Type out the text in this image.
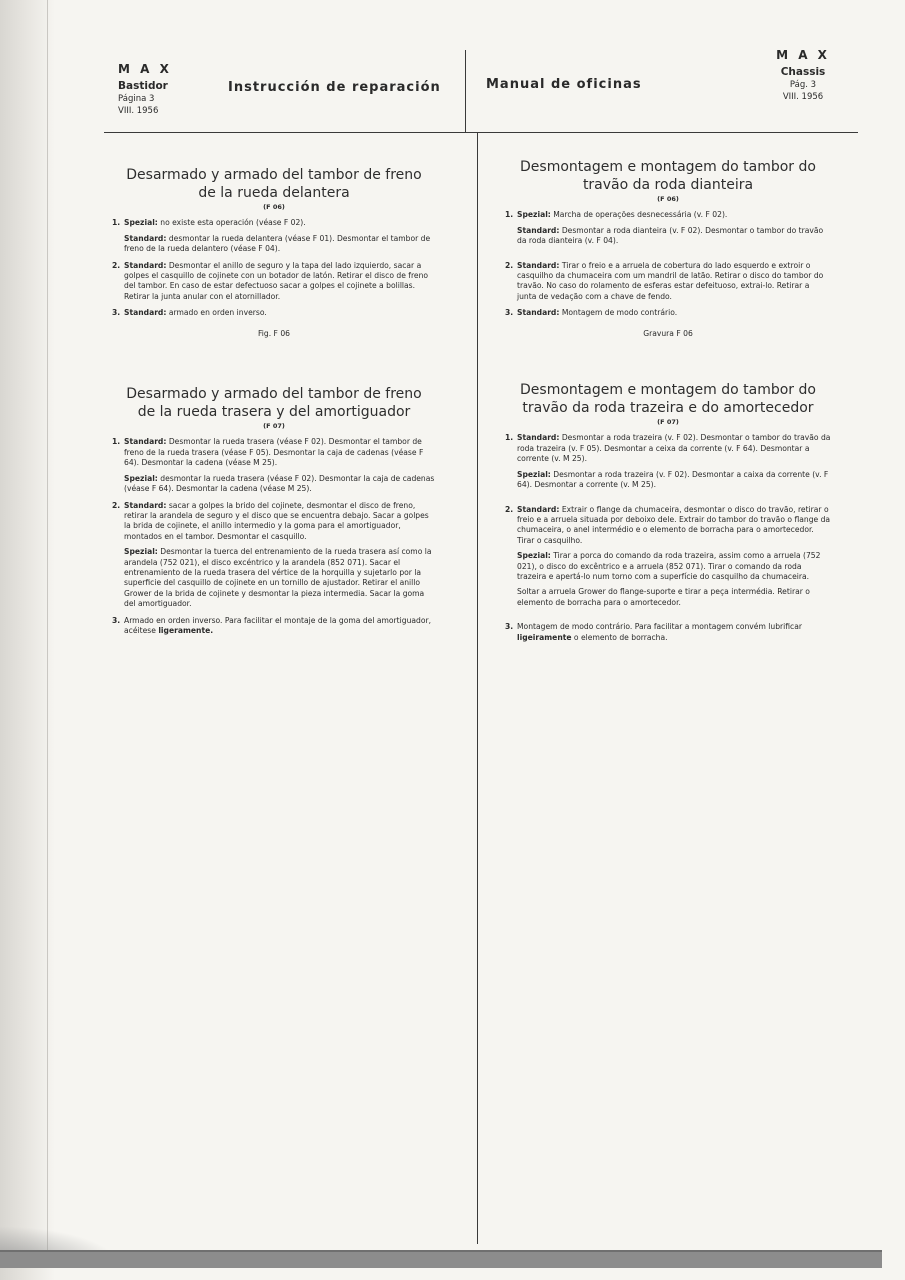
M A X
Bastidor
Página 3
VIII. 1956
Instrucción de reparación	Manual de oficinas
M A X
Chassis
Pág. 3
VIII. 1956
Desarmado y armado del tambor de freno
de la rueda delantera
(F 06)
1. Spezial: no existe esta operación (véase F 02).
Standard: desmontar la rueda delantera (véase F 01). Desmontar el tambor de freno de la rueda delantero (véase F 04).
2. Standard: Desmontar el anillo de seguro y la tapa del lado izquierdo, sacar a golpes el casquillo de cojinete con un botador de latón. Retirar el disco de freno del tambor. En caso de estar defectuoso sacar a golpes el cojinete a bolillas. Retirar la junta anular con el atornillador.
3. Standard: armado en orden inverso.
Fig. F 06
Desarmado y armado del tambor de freno
de la rueda trasera y del amortiguador
(F 07)
1. Standard: Desmontar la rueda trasera (véase F 02). Desmontar el tambor de freno de la rueda trasera (véase F 05). Desmontar la caja de cadenas (véase F 64). Desmontar la cadena (véase M 25).
Spezial: desmontar la rueda trasera (véase F 02). Desmontar la caja de cadenas (véase F 64). Desmontar la cadena (véase M 25).
2. Standard: sacar a golpes la brido del cojinete, desmontar el disco de freno, retirar la arandela de seguro y el disco que se encuentra debajo. Sacar a golpes la brida de cojinete, el anillo intermedio y la goma para el amortiguador, montados en el tambor. Desmontar el casquillo.
Spezial: Desmontar la tuerca del entrenamiento de la rueda trasera así como la arandela (752 021), el disco excéntrico y la arandela (852 071). Sacar el entrenamiento de la rueda trasera del vértice de la horquilla y sujetarlo por la superficie del casquillo de cojinete en un tornillo de ajustador. Retirar el anillo Grower de la brida de cojinete y desmontar la pieza intermedia. Sacar la goma del amortiguador.
3. Armado en orden inverso. Para facilitar el montaje de la goma del amortiguador, acéitese ligeramente.
Desmontagem e montagem do tambor do
travão da roda dianteira
(F 06)
1. Spezial: Marcha de operações desnecessária (v. F 02).
Standard: Desmontar a roda dianteira (v. F 02). Desmontar o tambor do travão da roda dianteira (v. F 04).
2. Standard: Tirar o freio e a arruela de cobertura do lado esquerdo e extroir o casquilho da chumaceira com um mandril de latão. Retirar o disco do tambor do travão. No caso do rolamento de esferas estar defeituoso, extrai-lo. Retirar a junta de vedação com a chave de fendo.
3. Standard: Montagem de modo contrário.
Gravura F 06
Desmontagem e montagem do tambor do
travão da roda trazeira e do amortecedor
(F 07)
1. Standard: Desmontar a roda trazeira (v. F 02). Desmontar o tambor do travão da roda trazeira (v. F 05). Desmontar a ceixa da corrente (v. F 64). Desmontar a corrente (v. M 25).
Spezial: Desmontar a roda trazeira (v. F 02). Desmontar a caixa da corrente (v. F 64). Desmontar a corrente (v. M 25).
2. Standard: Extrair o flange da chumaceira, desmontar o disco do travão, retirar o freio e a arruela situada por deboixo dele. Extrair do tambor do travão o flange da chumaceira, o anel intermédio e o elemento de borracha para o amortecedor. Tirar o casquilho.
Spezial: Tirar a porca do comando da roda trazeira, assim como a arruela (752 021), o disco do excêntrico e a arruela (852 071). Tirar o comando da roda trazeira e apertá-lo num torno com a superfície do casquilho da chumaceira.
Soltar a arruela Grower do flange-suporte e tirar a peça intermédia. Retirar o elemento de borracha para o amortecedor.
3. Montagem de modo contrário. Para facilitar a montagem convém lubrificar ligeiramente o elemento de borracha.
